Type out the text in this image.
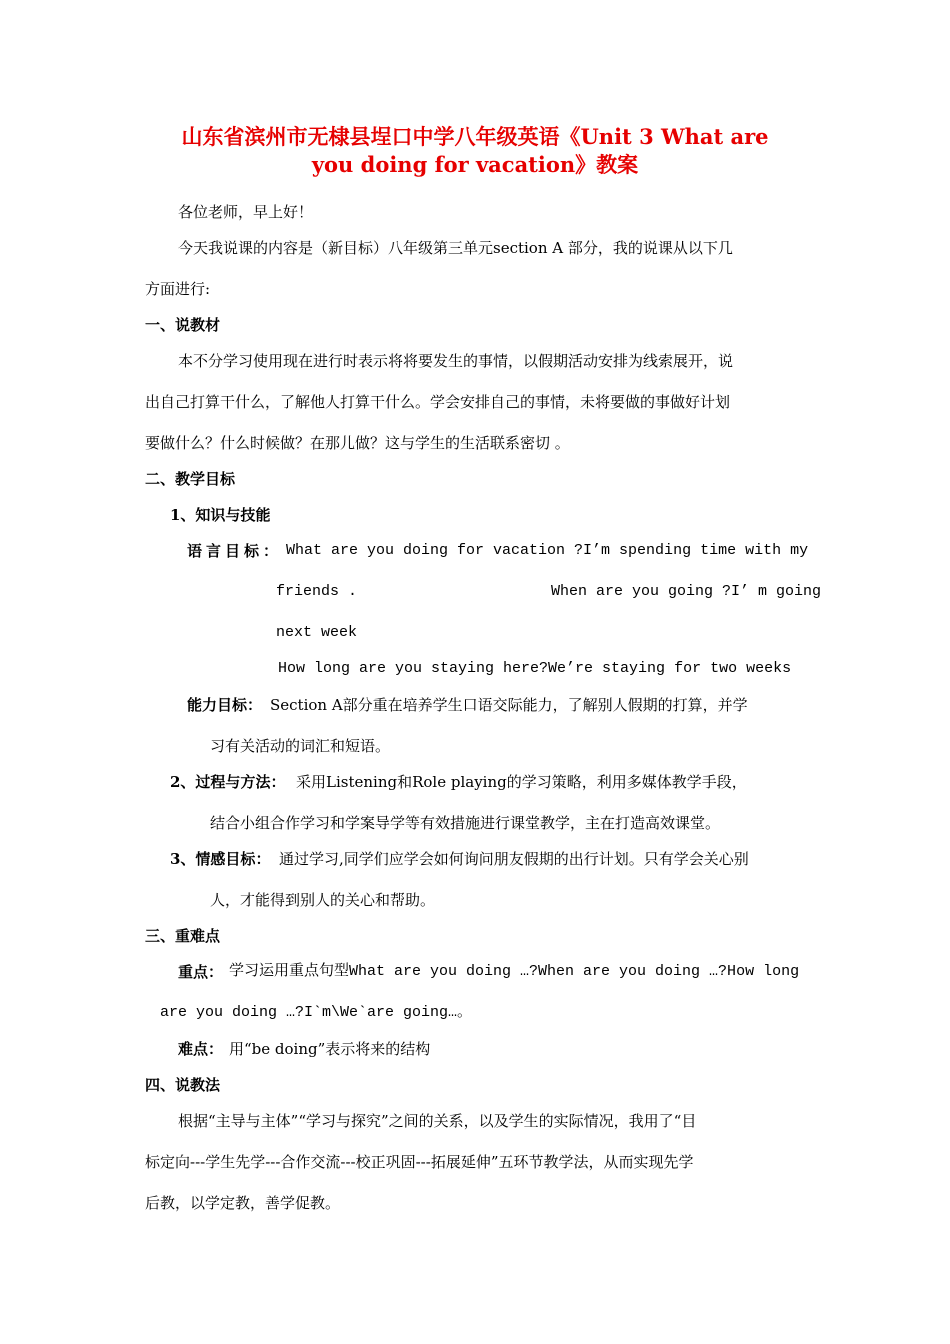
山东省滨州市无棣县埕口中学八年级英语《Unit 3 What are
you doing for vacation》教案
各位老师，早上好！
今天我说课的内容是（新目标）八年级第三单元section A 部分，我的说课从以下几
方面进行:
一、说教材
本不分学习使用现在进行时表示将将要发生的事情，以假期活动安排为线索展开，说
出自己打算干什么，了解他人打算干什么。学会安排自己的事情，未将要做的事做好计划
要做什么？什么时候做？在那儿做？这与学生的生活联系密切 。
二、教学目标
1、知识与技能
语言目标： What are you doing for vacation ?I’m spending time with my
friends .	When are you going ?I’ m going
next week
How long are you staying here?We’re staying for two weeks
能力目标： Section A部分重在培养学生口语交际能力，了解别人假期的打算，并学
习有关活动的词汇和短语。
2、过程与方法： 采用Listening和Role playing的学习策略，利用多媒体教学手段，
结合小组合作学习和学案导学等有效措施进行课堂教学，主在打造高效课堂。
3、情感目标： 通过学习,同学们应学会如何询问朋友假期的出行计划。只有学会关心别
人，才能得到别人的关心和帮助。
三、重难点
重点： 学习运用重点句型What are you doing …?When are you doing …?How long
are you doing …?I`m\We`are going…。
难点： 用“be doing”表示将来的结构
四、说教法
根据“主导与主体”“学习与探究”之间的关系，以及学生的实际情况，我用了“目
标定向---学生先学---合作交流---校正巩固---拓展延伸”五环节教学法，从而实现先学
后教，以学定教，善学促教。
